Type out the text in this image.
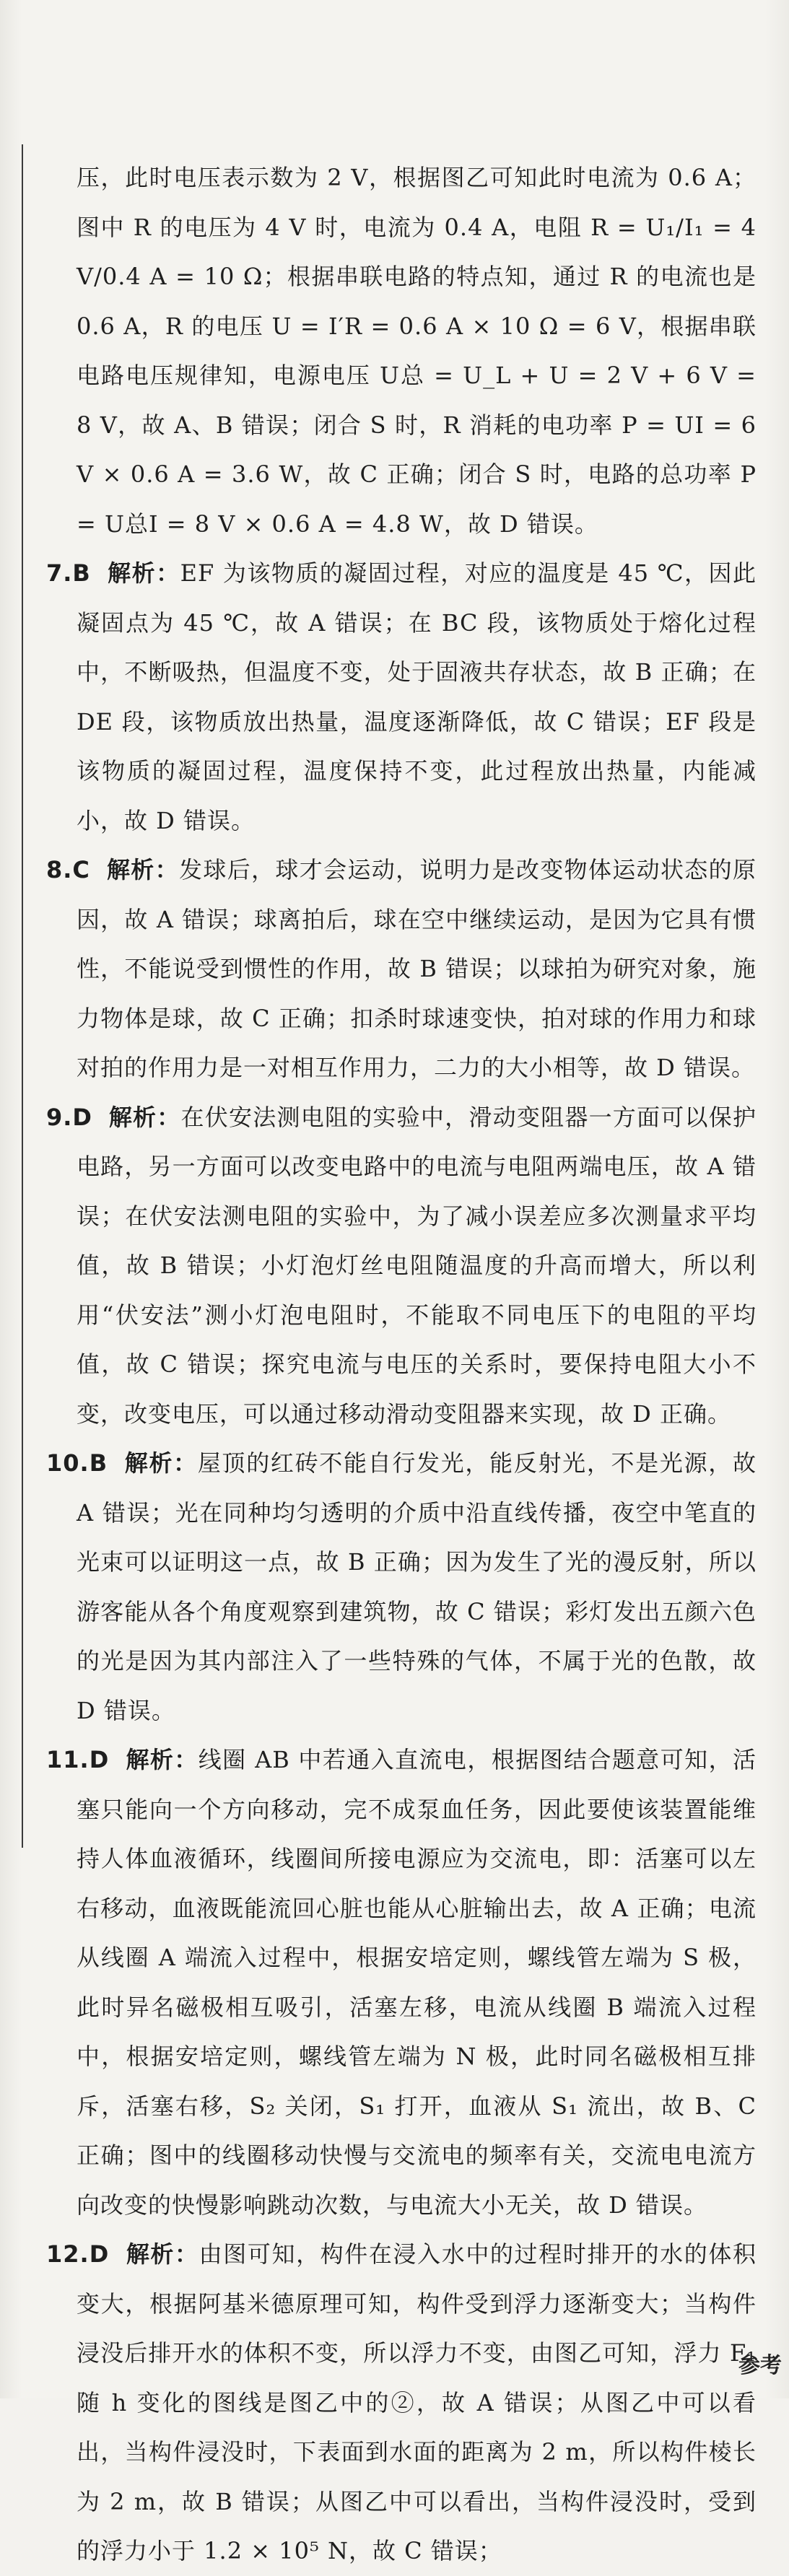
压，此时电压表示数为 2 V，根据图乙可知此时电流为 0.6 A；图中 R 的电压为 4 V 时，电流为 0.4 A，电阻 R = U₁/I₁ = 4 V/0.4 A = 10 Ω；根据串联电路的特点知，通过 R 的电流也是 0.6 A，R 的电压 U = I′R = 0.6 A × 10 Ω = 6 V，根据串联电路电压规律知，电源电压 U总 = U_L + U = 2 V + 6 V = 8 V，故 A、B 错误；闭合 S 时，R 消耗的电功率 P = UI = 6 V × 0.6 A = 3.6 W，故 C 正确；闭合 S 时，电路的总功率 P = U总I = 8 V × 0.6 A = 4.8 W，故 D 错误。
7.B 解析：EF 为该物质的凝固过程，对应的温度是 45 ℃，因此凝固点为 45 ℃，故 A 错误；在 BC 段，该物质处于熔化过程中，不断吸热，但温度不变，处于固液共存状态，故 B 正确；在 DE 段，该物质放出热量，温度逐渐降低，故 C 错误；EF 段是该物质的凝固过程，温度保持不变，此过程放出热量，内能减小，故 D 错误。
8.C 解析：发球后，球才会运动，说明力是改变物体运动状态的原因，故 A 错误；球离拍后，球在空中继续运动，是因为它具有惯性，不能说受到惯性的作用，故 B 错误；以球拍为研究对象，施力物体是球，故 C 正确；扣杀时球速变快，拍对球的作用力和球对拍的作用力是一对相互作用力，二力的大小相等，故 D 错误。
9.D 解析：在伏安法测电阻的实验中，滑动变阻器一方面可以保护电路，另一方面可以改变电路中的电流与电阻两端电压，故 A 错误；在伏安法测电阻的实验中，为了减小误差应多次测量求平均值，故 B 错误；小灯泡灯丝电阻随温度的升高而增大，所以利用“伏安法”测小灯泡电阻时，不能取不同电压下的电阻的平均值，故 C 错误；探究电流与电压的关系时，要保持电阻大小不变，改变电压，可以通过移动滑动变阻器来实现，故 D 正确。
10.B 解析：屋顶的红砖不能自行发光，能反射光，不是光源，故 A 错误；光在同种均匀透明的介质中沿直线传播，夜空中笔直的光束可以证明这一点，故 B 正确；因为发生了光的漫反射，所以游客能从各个角度观察到建筑物，故 C 错误；彩灯发出五颜六色的光是因为其内部注入了一些特殊的气体，不属于光的色散，故 D 错误。
11.D 解析：线圈 AB 中若通入直流电，根据图结合题意可知，活塞只能向一个方向移动，完不成泵血任务，因此要使该装置能维持人体血液循环，线圈间所接电源应为交流电，即：活塞可以左右移动，血液既能流回心脏也能从心脏输出去，故 A 正确；电流从线圈 A 端流入过程中，根据安培定则，螺线管左端为 S 极，此时异名磁极相互吸引，活塞左移，电流从线圈 B 端流入过程中，根据安培定则，螺线管左端为 N 极，此时同名磁极相互排斥，活塞右移，S₂ 关闭，S₁ 打开，血液从 S₁ 流出，故 B、C 正确；图中的线圈移动快慢与交流电的频率有关，交流电电流方向改变的快慢影响跳动次数，与电流大小无关，故 D 错误。
12.D 解析：由图可知，构件在浸入水中的过程时排开的水的体积变大，根据阿基米德原理可知，构件受到浮力逐渐变大；当构件浸没后排开水的体积不变，所以浮力不变，由图乙可知，浮力 F₁ 随 h 变化的图线是图乙中的②，故 A 错误；从图乙中可以看出，当构件浸没时，下表面到水面的距离为 2 m，所以构件棱长为 2 m，故 B 错误；从图乙中可以看出，当构件浸没时，受到的浮力小于 1.2 × 10⁵ N，故 C 错误；
参考
